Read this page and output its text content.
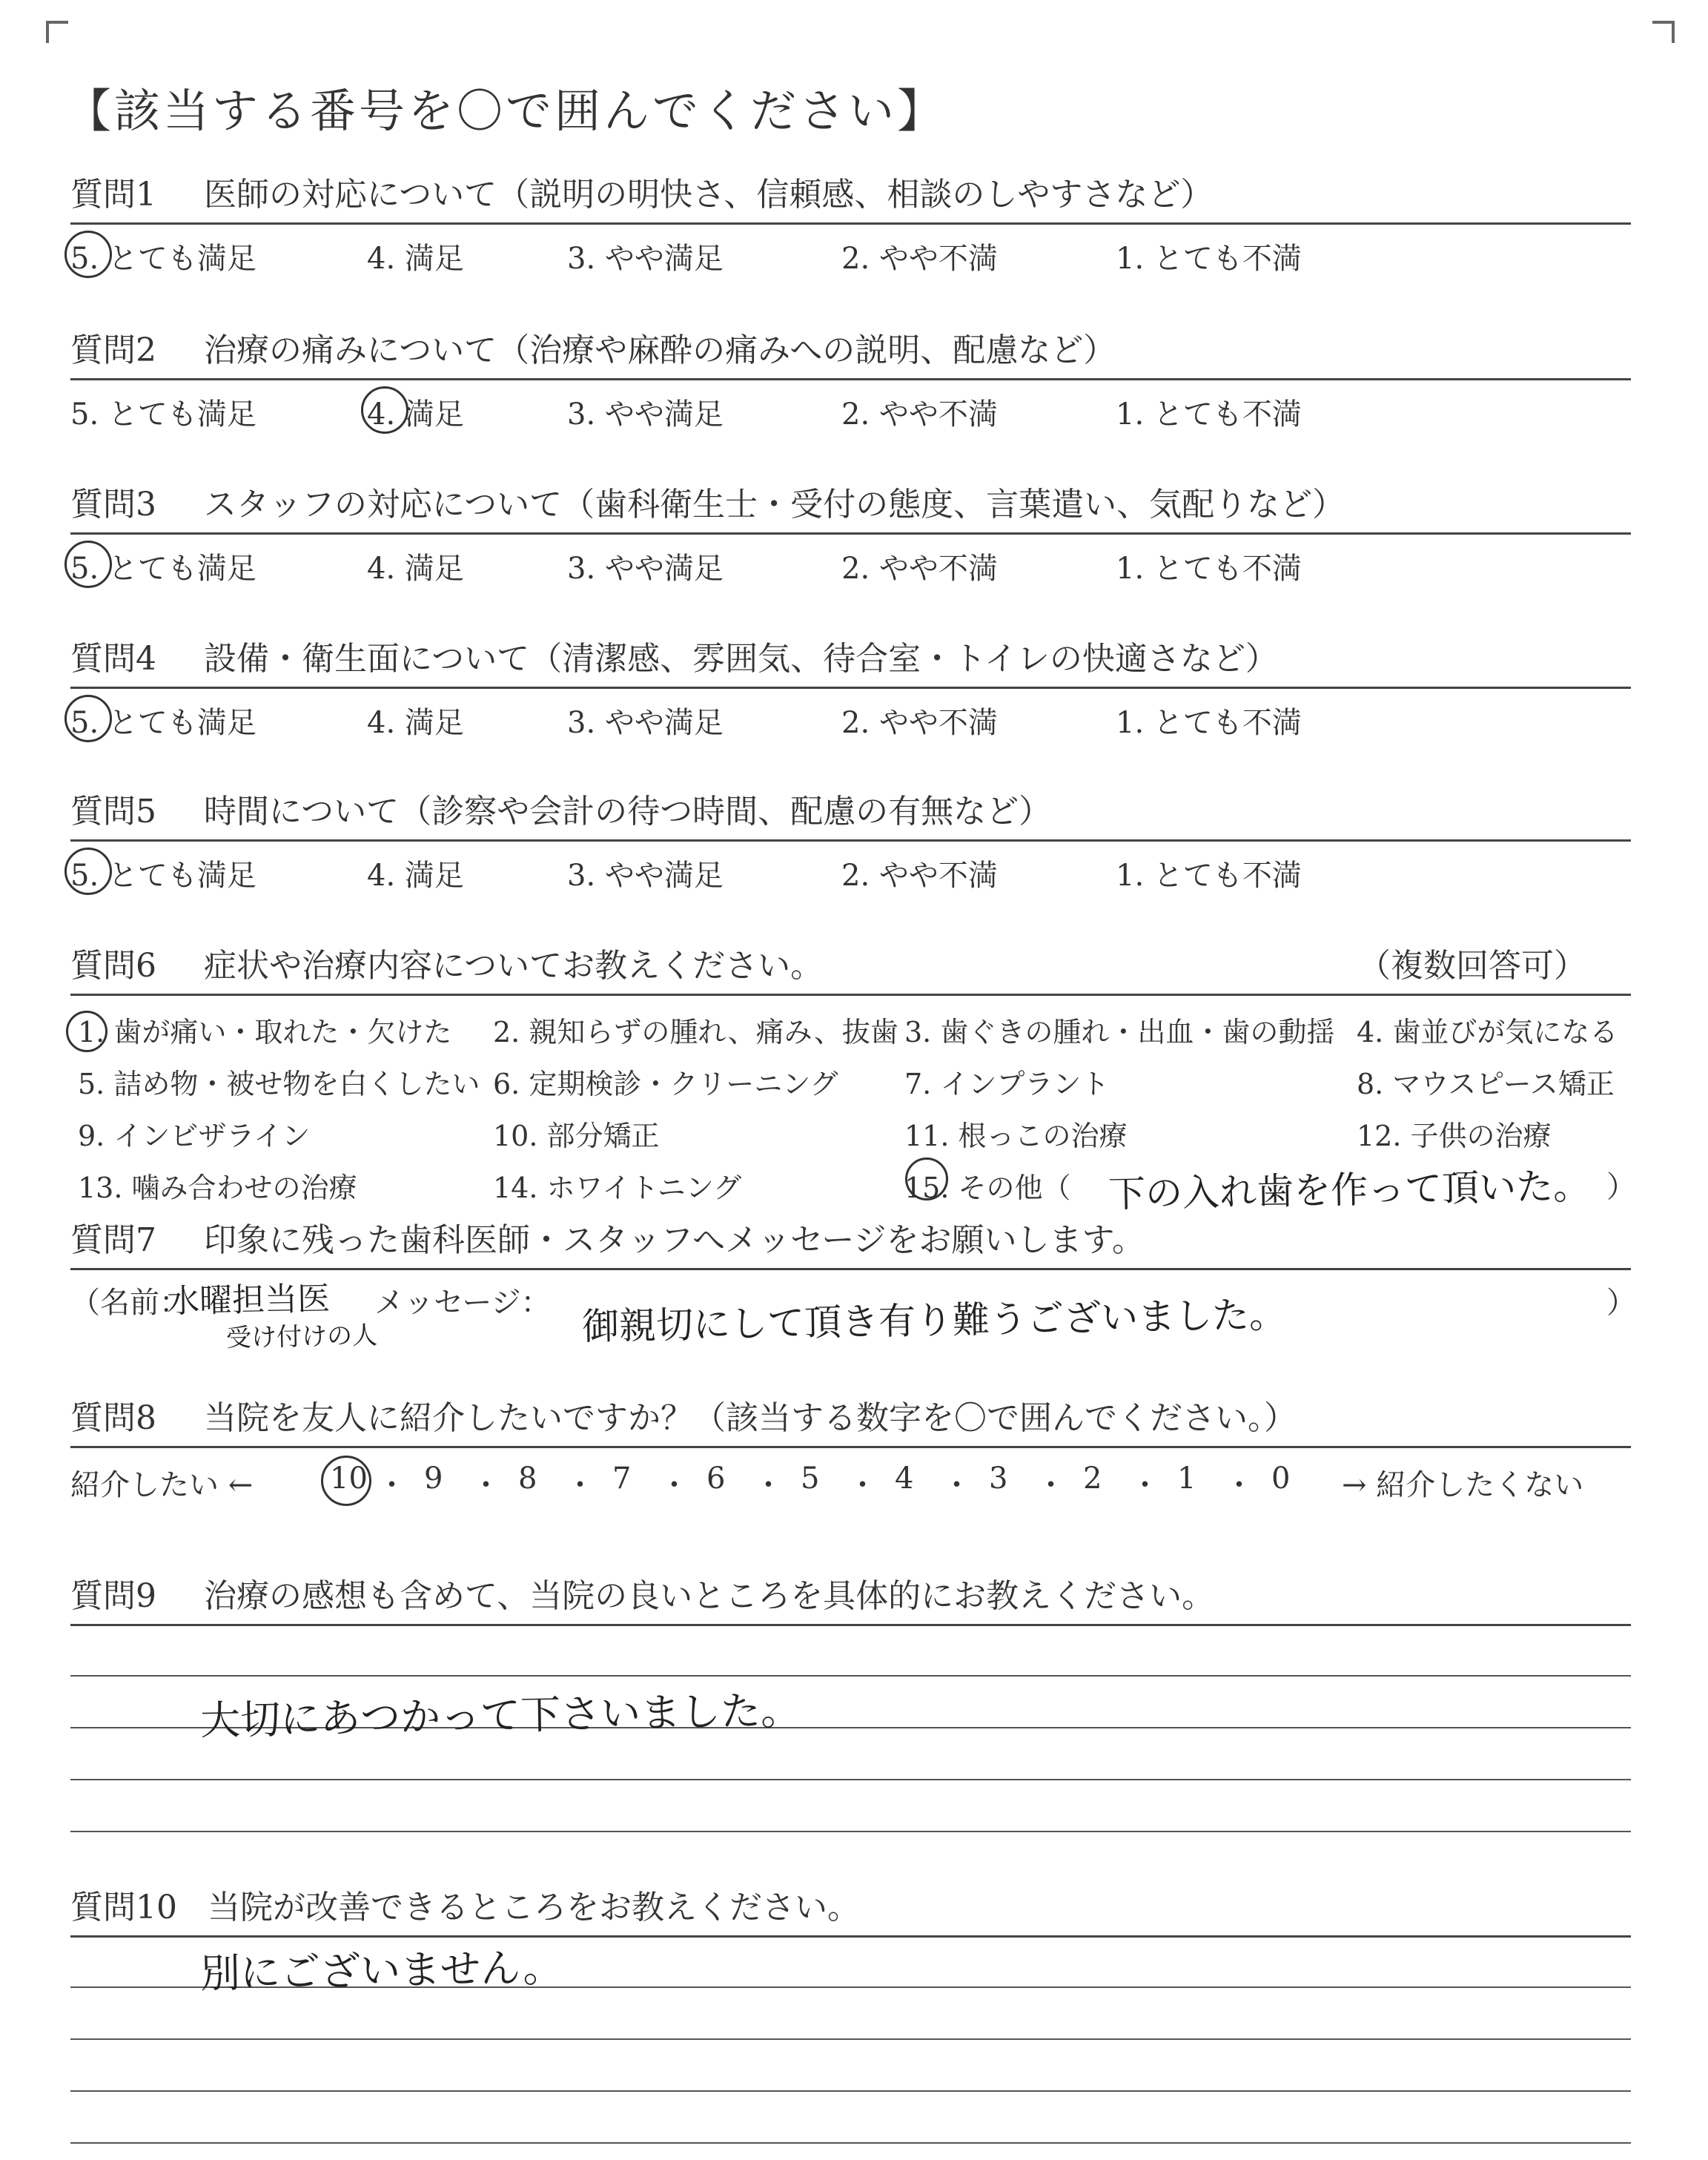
【該当する番号を〇で囲んでください】
質問1 医師の対応について（説明の明快さ、信頼感、相談のしやすさなど）
5. とても満足	4. 満足	3. やや満足	2. やや不満	1. とても不満
質問2 治療の痛みについて（治療や麻酔の痛みへの説明、配慮など）
5. とても満足	4. 満足	3. やや満足	2. やや不満	1. とても不満
質問3 スタッフの対応について（歯科衛生士・受付の態度、言葉遣い、気配りなど）
5. とても満足	4. 満足	3. やや満足	2. やや不満	1. とても不満
質問4 設備・衛生面について（清潔感、雰囲気、待合室・トイレの快適さなど）
5. とても満足	4. 満足	3. やや満足	2. やや不満	1. とても不満
質問5 時間について（診察や会計の待つ時間、配慮の有無など）
5. とても満足	4. 満足	3. やや満足	2. やや不満	1. とても不満
質問6 症状や治療内容についてお教えください。	（複数回答可）
下の入れ歯を作って頂いた。 ）
1. 歯が痛い・取れた・欠けた 2. 親知らずの腫れ、痛み、抜歯 3. 歯ぐきの腫れ・出血・歯の動揺 4. 歯並びが気になる
5. 詰め物・被せ物を白くしたい 6. 定期検診・クリーニング 7. インプラント	8. マウスピース矯正
9. インビザライン	10. 部分矯正	11. 根っこの治療	12. 子供の治療
13. 噛み合わせの治療	14. ホワイトニング	15. その他（
質問7 印象に残った歯科医師・スタッフへメッセージをお願いします。
（名前：
水曜担当医
受け付けの人
メッセージ： 御親切にして頂き有り難うございました。	）
質問8 当院を友人に紹介したいですか？（該当する数字を〇で囲んでください。）
紹介したい ←	→ 紹介したくない
10 ・ 9 ・ 8 ・ 7 ・ 6 ・ 5 ・ 4 ・ 3 ・ 2 ・ 1 ・ 0
質問9 治療の感想も含めて、当院の良いところを具体的にお教えください。
大切にあつかって下さいました。
質問10 当院が改善できるところをお教えください。
別にございません。
